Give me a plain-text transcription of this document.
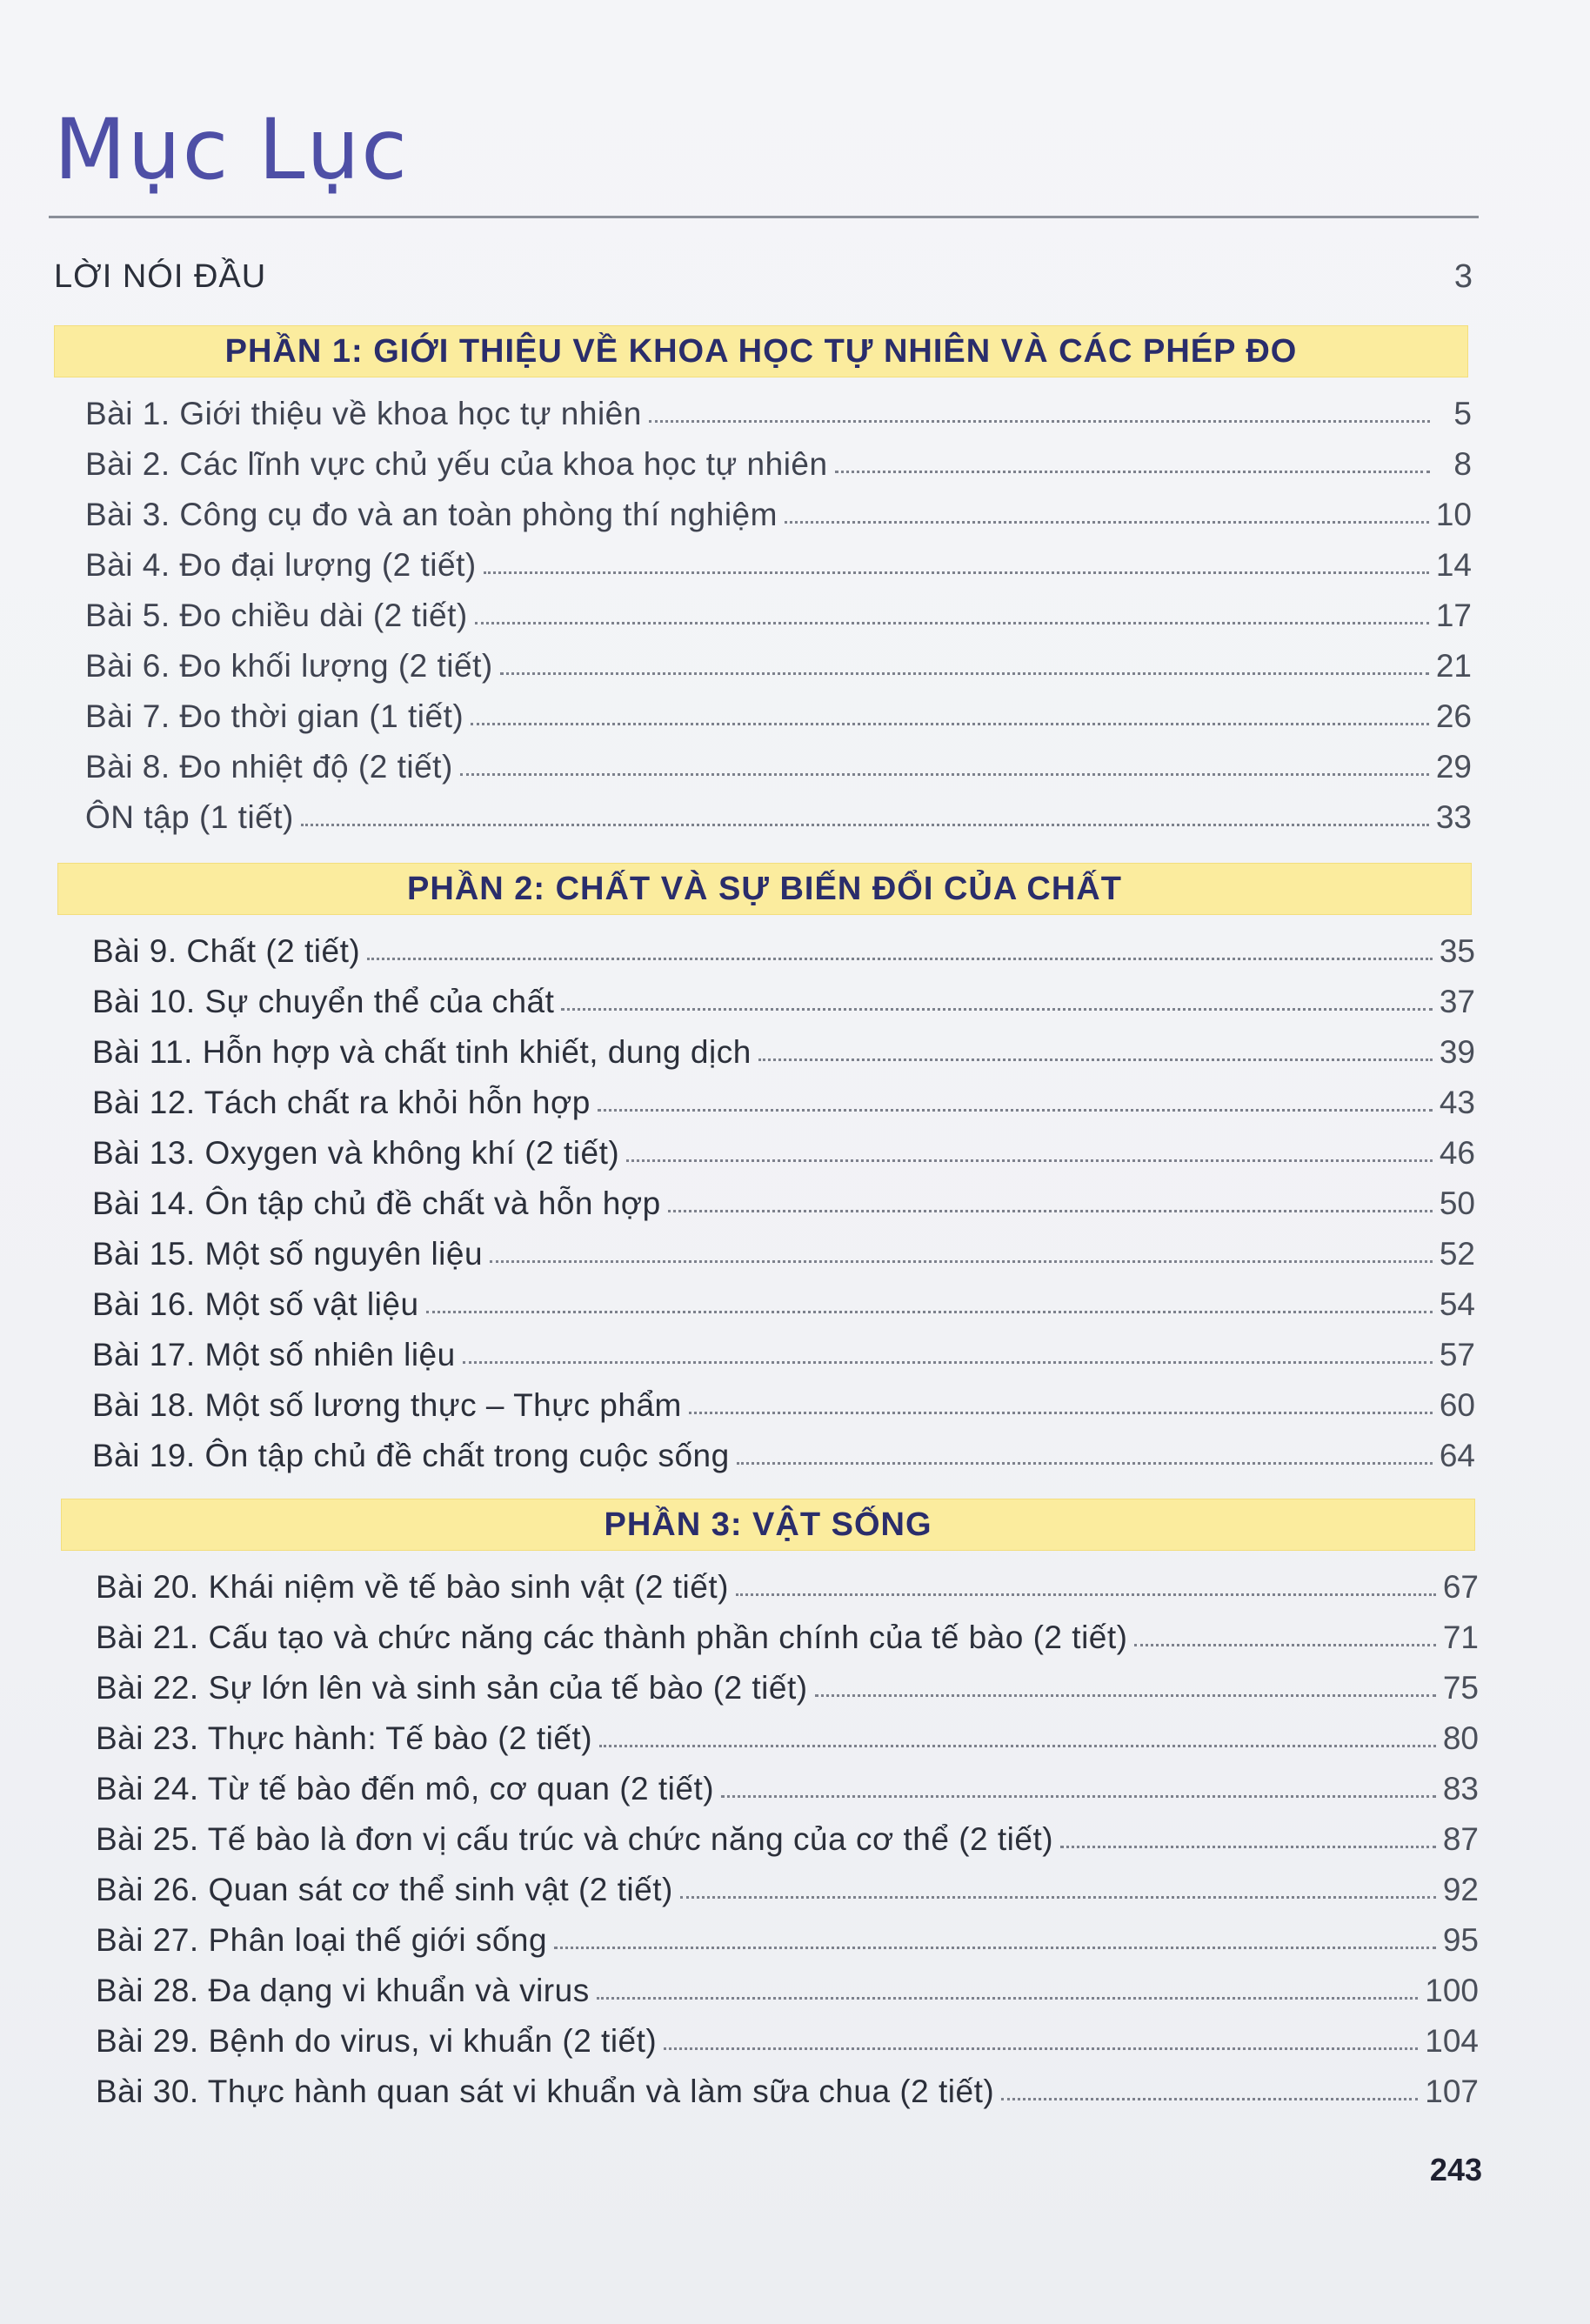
Mục Lục
LỜI NÓI ĐẦU	3
PHẦN 1: GIỚI THIỆU VỀ KHOA HỌC TỰ NHIÊN VÀ CÁC PHÉP ĐO
Bài 1. Giới thiệu về khoa học tự nhiên	5
Bài 2. Các lĩnh vực chủ yếu của khoa học tự nhiên	8
Bài 3. Công cụ đo và an toàn phòng thí nghiệm	10
Bài 4. Đo đại lượng (2 tiết)	14
Bài 5. Đo chiều dài (2 tiết)	17
Bài 6. Đo khối lượng (2 tiết)	21
Bài 7. Đo thời gian (1 tiết)	26
Bài 8. Đo nhiệt độ (2 tiết)	29
ÔN tập (1 tiết)	33
PHẦN 2: CHẤT VÀ SỰ BIẾN ĐỔI CỦA CHẤT
Bài 9. Chất (2 tiết)	35
Bài 10. Sự chuyển thể của chất	37
Bài 11. Hỗn hợp và chất tinh khiết, dung dịch	39
Bài 12. Tách chất ra khỏi hỗn hợp	43
Bài 13. Oxygen và không khí (2 tiết)	46
Bài 14. Ôn tập chủ đề chất và hỗn hợp	50
Bài 15. Một số nguyên liệu	52
Bài 16. Một số vật liệu	54
Bài 17. Một số nhiên liệu	57
Bài 18. Một số lương thực – Thực phẩm	60
Bài 19. Ôn tập chủ đề chất trong cuộc sống	64
PHẦN 3: VẬT SỐNG
Bài 20. Khái niệm về tế bào sinh vật (2 tiết)	67
Bài 21. Cấu tạo và chức năng các thành phần chính của tế bào (2 tiết)	71
Bài 22. Sự lớn lên và sinh sản của tế bào (2 tiết)	75
Bài 23. Thực hành: Tế bào (2 tiết)	80
Bài 24. Từ tế bào đến mô, cơ quan (2 tiết)	83
Bài 25. Tế bào là đơn vị cấu trúc và chức năng của cơ thể (2 tiết)	87
Bài 26. Quan sát cơ thể sinh vật (2 tiết)	92
Bài 27. Phân loại thế giới sống	95
Bài 28. Đa dạng vi khuẩn và virus	100
Bài 29. Bệnh do virus, vi khuẩn (2 tiết)	104
Bài 30. Thực hành quan sát vi khuẩn và làm sữa chua (2 tiết)	107
243
